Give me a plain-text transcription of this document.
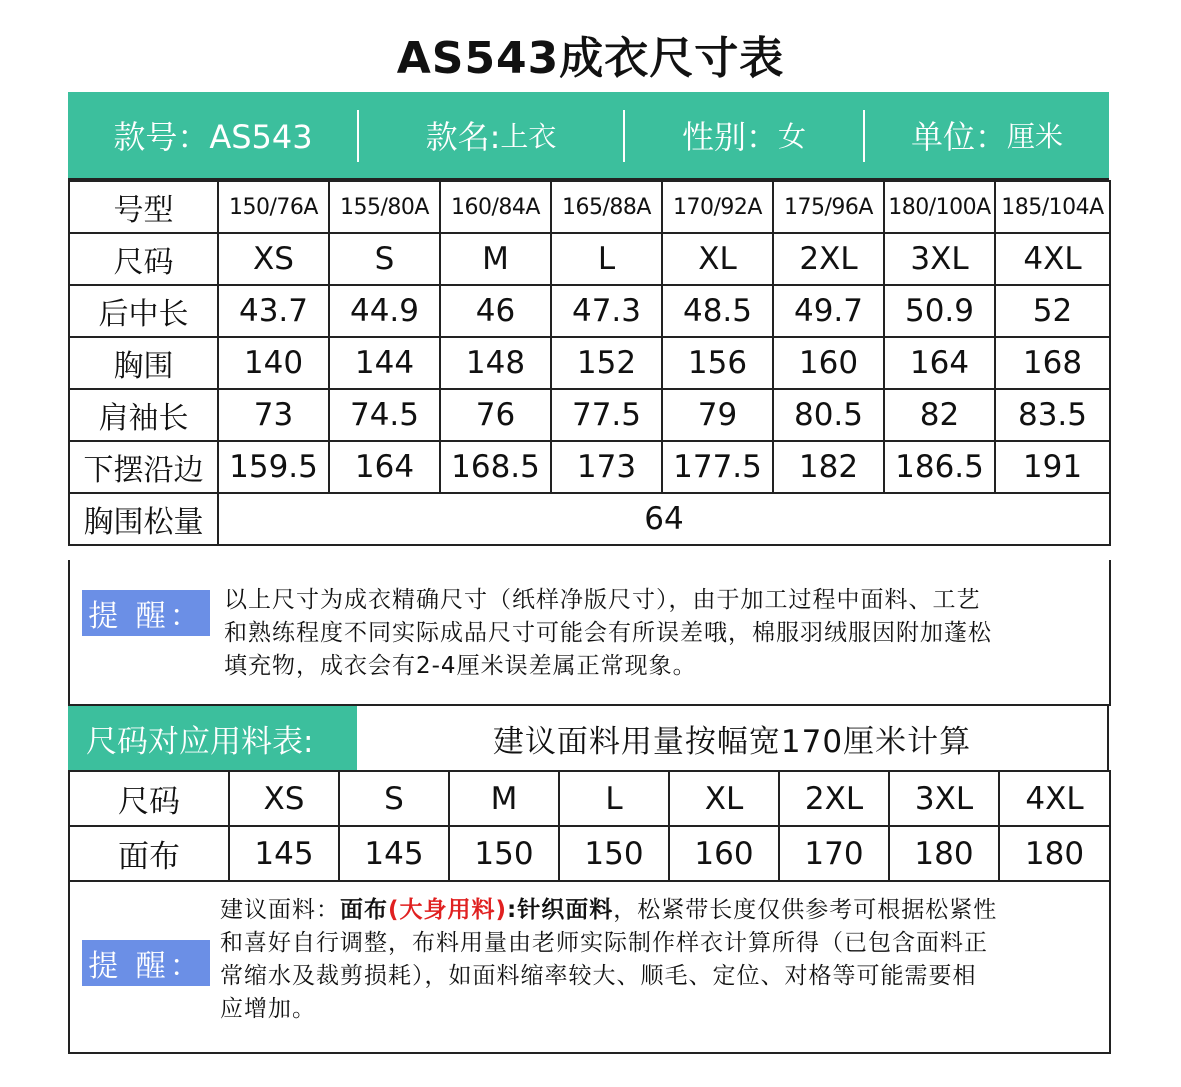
AS543成衣尺寸表
款号：AS543	款名: 上衣	性别： 女	单位： 厘米
号型	150/76A	155/80A	160/84A	165/88A	170/92A	175/96A	180/100A	185/104A
尺码	XS	S	M	L	XL	2XL	3XL	4XL
后中长	43.7	44.9	46	47.3	48.5	49.7	50.9	52
胸围	140	144	148	152	156	160	164	168
肩袖长	73	74.5	76	77.5	79	80.5	82	83.5
下摆沿边	159.5	164	168.5	173	177.5	182	186.5	191
胸围松量	64							
提 醒： 以上尺寸为成衣精确尺寸（纸样净版尺寸），由于加工过程中面料、工艺
和熟练程度不同实际成品尺寸可能会有所误差哦，棉服羽绒服因附加蓬松
填充物，成衣会有2-4厘米误差属正常现象。
尺码对应用料表:	建议面料用量按幅宽170厘米计算
尺码	XS	S	M	L	XL	2XL	3XL	4XL
面布	145	145	150	150	160	170	180	180
提 醒：
建议面料：面布(大身用料):针织面料，松紧带长度仅供参考可根据松紧性
和喜好自行调整，布料用量由老师实际制作样衣计算所得（已包含面料正
常缩水及裁剪损耗），如面料缩率较大、顺毛、定位、对格等可能需要相
应增加。
